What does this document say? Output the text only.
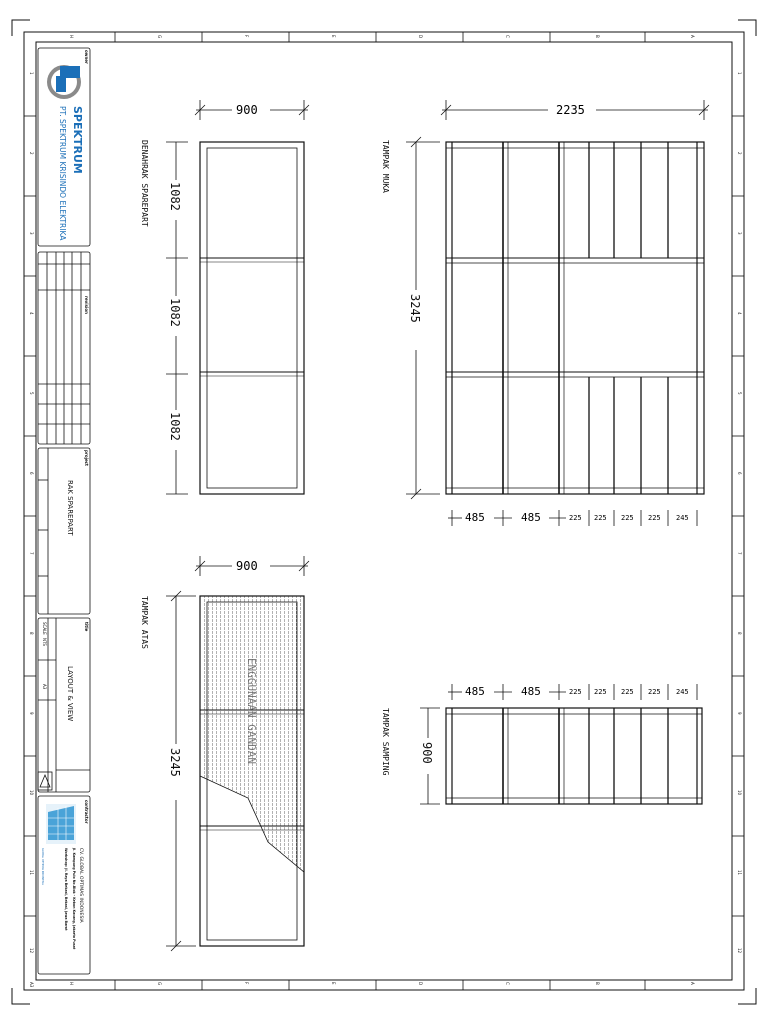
H	G	F	E	D	C	B	A
H	G	F	E	D	C	B	A
1
2
3
4
5
6
7
8
9
10
11
12
A3
1
2
3
4
5
6
7
8
9
10
11
12
owner
SPEKTRUM
PT. SPEKTRUM KRISINDO ELEKTRIKA
revision
project
RAK SPAREPART
title
LAYOUT & VIEW
SCALE
NTS
A3
contractor
GLOBAL OPTIMAS INDONESIA	CV. GLOBAL OPTIMAS INDONESIA
Jl. Kampung Pulo No.Blok - Kebon Kacang, Jakarta Pusat
Workshop: Jl. Raya Bekasi, Bekasi, Jawa Barat
DENAHRAK SPAREPART	TAMPAK MUKA
TAMPAK ATAS
TAMPAK SAMPING
900
1082
1082
1082
2235
3245
485	485	225 225 225 225 245
900
3245	ENGGUNAAN GANDAN	900
485	485	225 225 225 225 245
